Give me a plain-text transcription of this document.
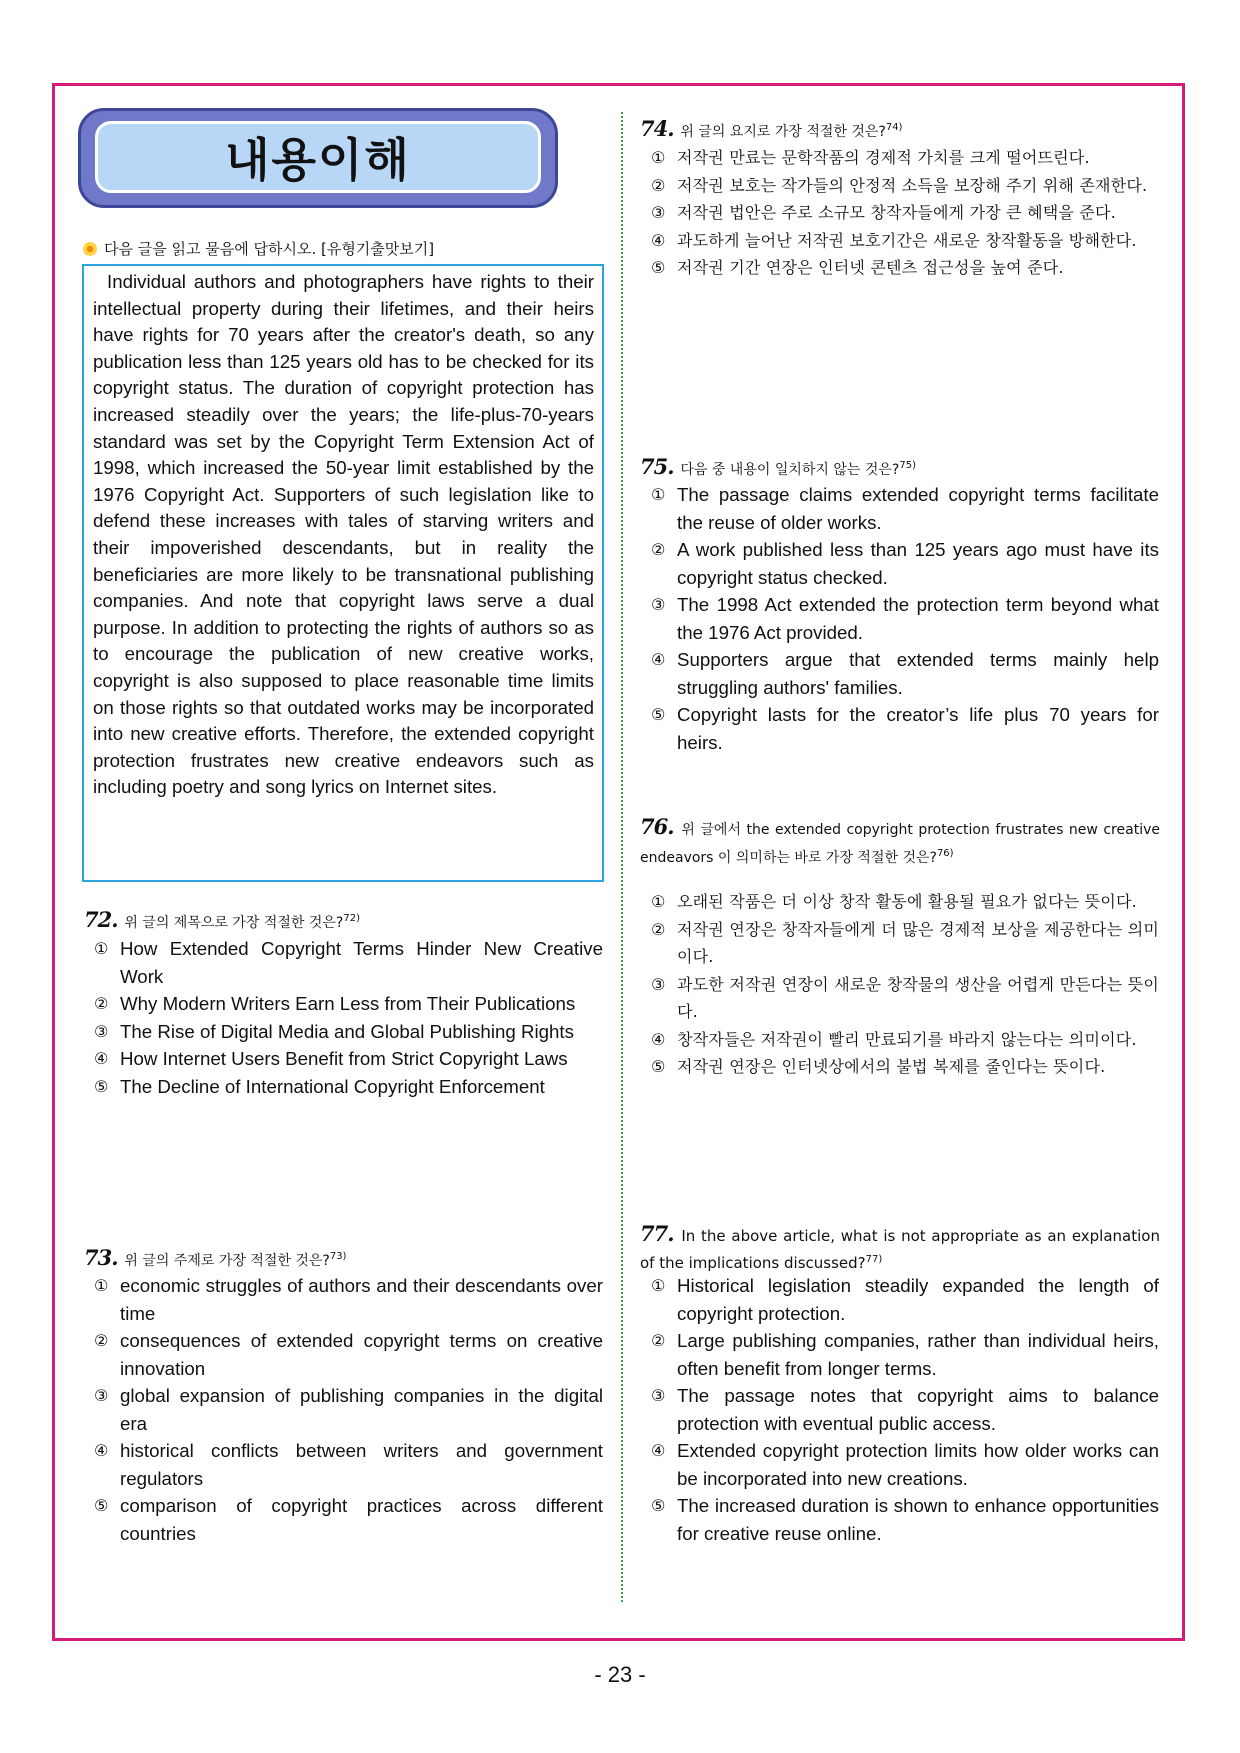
내용이해
다음 글을 읽고 물음에 답하시오. [유형기출맛보기]
Individual authors and photographers have rights to their intellectual property during their lifetimes, and their heirs have rights for 70 years after the creator's death, so any publication less than 125 years old has to be checked for its copyright status. The duration of copyright protection has increased steadily over the years; the life-plus-70-years standard was set by the Copyright Term Extension Act of 1998, which increased the 50-year limit established by the 1976 Copyright Act. Supporters of such legislation like to defend these increases with tales of starving writers and their impoverished descendants, but in reality the beneficiaries are more likely to be transnational publishing companies. And note that copyright laws serve a dual purpose. In addition to protecting the rights of authors so as to encourage the publication of new creative works, copyright is also supposed to place reasonable time limits on those rights so that outdated works may be incorporated into new creative efforts. Therefore, the extended copyright protection frustrates new creative endeavors such as including poetry and song lyrics on Internet sites.
72. 위 글의 제목으로 가장 적절한 것은?$^{72)}$
① How Extended Copyright Terms Hinder New Creative Work
② Why Modern Writers Earn Less from Their Publications
③ The Rise of Digital Media and Global Publishing Rights
④ How Internet Users Benefit from Strict Copyright Laws
⑤ The Decline of International Copyright Enforcement
73. 위 글의 주제로 가장 적절한 것은?$^{73)}$
① economic struggles of authors and their descendants over time
② consequences of extended copyright terms on creative innovation
③ global expansion of publishing companies in the digital era
④ historical conflicts between writers and government regulators
⑤ comparison of copyright practices across different countries
74. 위 글의 요지로 가장 적절한 것은?$^{74)}$
① 저작권 만료는 문학작품의 경제적 가치를 크게 떨어뜨린다.
② 저작권 보호는 작가들의 안정적 소득을 보장해 주기 위해 존재한다.
③ 저작권 법안은 주로 소규모 창작자들에게 가장 큰 혜택을 준다.
④ 과도하게 늘어난 저작권 보호기간은 새로운 창작활동을 방해한다.
⑤ 저작권 기간 연장은 인터넷 콘텐츠 접근성을 높여 준다.
75. 다음 중 내용이 일치하지 않는 것은?$^{75)}$
① The passage claims extended copyright terms facilitate the reuse of older works.
② A work published less than 125 years ago must have its copyright status checked.
③ The 1998 Act extended the protection term beyond what the 1976 Act provided.
④ Supporters argue that extended terms mainly help struggling authors' families.
⑤ Copyright lasts for the creator’s life plus 70 years for heirs.
76. 위 글에서 the extended copyright protection frustrates new creative endeavors 이 의미하는 바로 가장 적절한 것은?$^{76)}$
① 오래된 작품은 더 이상 창작 활동에 활용될 필요가 없다는 뜻이다.
② 저작권 연장은 창작자들에게 더 많은 경제적 보상을 제공한다는 의미이다.
③ 과도한 저작권 연장이 새로운 창작물의 생산을 어렵게 만든다는 뜻이다.
④ 창작자들은 저작권이 빨리 만료되기를 바라지 않는다는 의미이다.
⑤ 저작권 연장은 인터넷상에서의 불법 복제를 줄인다는 뜻이다.
77. In the above article, what is not appropriate as an explanation of the implications discussed?$^{77)}$
① Historical legislation steadily expanded the length of copyright protection.
② Large publishing companies, rather than individual heirs, often benefit from longer terms.
③ The passage notes that copyright aims to balance protection with eventual public access.
④ Extended copyright protection limits how older works can be incorporated into new creations.
⑤ The increased duration is shown to enhance opportunities for creative reuse online.
- 23 -
